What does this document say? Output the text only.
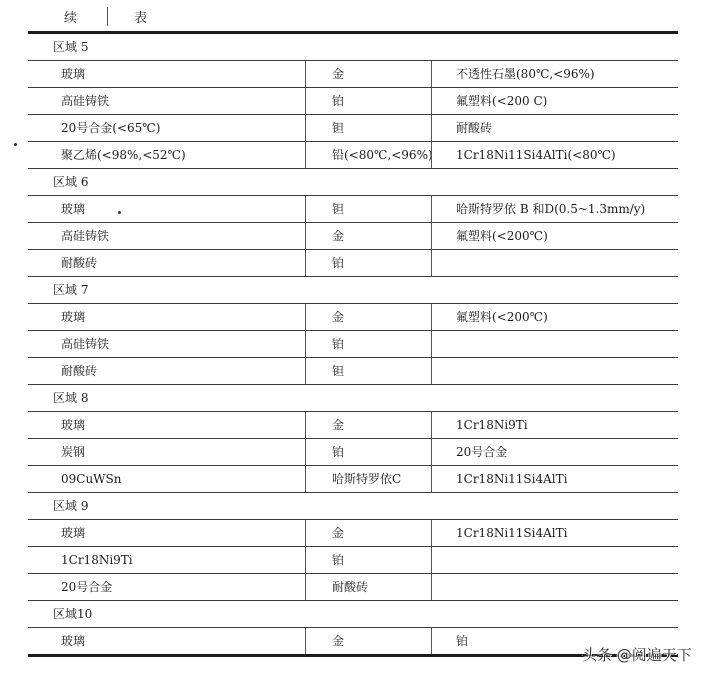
续	表
区域 5
玻璃	金	不透性石墨(80℃,<96%)
高硅铸铁	铂	氟塑料(<200 C)
20号合金(<65℃)	钽	耐酸砖
聚乙烯(<98%,<52℃)	铅(<80℃,<96%)	1Cr18Ni11Si4AlTi(<80℃)
区域 6
玻璃	钽	哈斯特罗依 B 和D(0.5~1.3mm/y)
高硅铸铁	金	氟塑料(<200℃)
耐酸砖	铂
区域 7
玻璃	金	氟塑料(<200℃)
高硅铸铁	铂
耐酸砖	钽
区域 8
玻璃	金	1Cr18Ni9Ti
炭钢	铂	20号合金
09CuWSn	哈斯特罗依C	1Cr18Ni11Si4AlTi
区域 9
玻璃	金	1Cr18Ni11Si4AlTi
1Cr18Ni9Ti	铂
20号合金	耐酸砖
区域10
玻璃	金	铂
头条 @阅遍天下
